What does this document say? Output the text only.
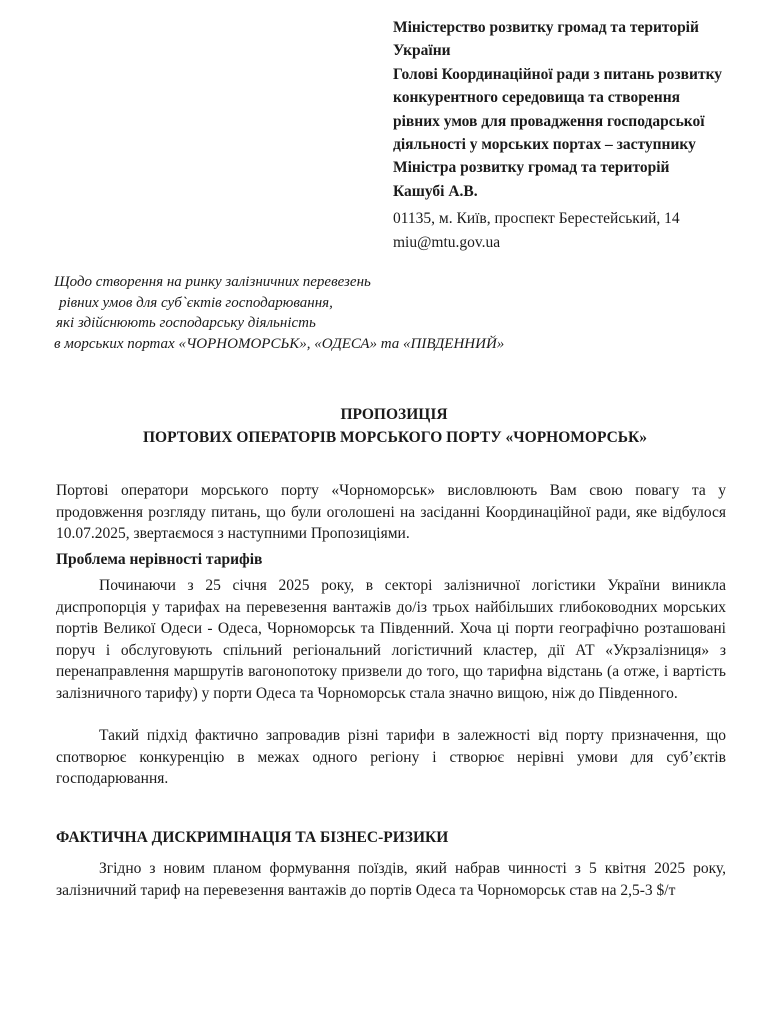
Міністерство розвитку громад та територій
України
Голові Координаційної ради з питань розвитку
конкурентного середовища та створення
рівних умов для провадження господарської
діяльності у морських портах – заступнику
Міністра розвитку громад та територій
Кашубі А.В.
01135, м. Київ, проспект Берестейський, 14
miu@mtu.gov.ua
Щодо створення на ринку залізничних перевезень
рівних умов для суб`єктів господарювання,
які здійснюють господарську діяльність
в морських портах «ЧОРНОМОРСЬК», «ОДЕСА» та «ПІВДЕННИЙ»
ПРОПОЗИЦІЯ
ПОРТОВИХ ОПЕРАТОРІВ МОРСЬКОГО ПОРТУ «ЧОРНОМОРСЬК»

Портові оператори морського порту «Чорноморськ» висловлюють Вам свою повагу та у продовження розгляду питань, що були оголошені на засіданні Координаційної ради, яке відбулося 10.07.2025, звертаємося з наступними Пропозиціями.

Проблема нерівності тарифів

Починаючи з 25 січня 2025 року, в секторі залізничної логістики України виникла диспропорція у тарифах на перевезення вантажів до/із трьох найбільших глибоководних морських портів Великої Одеси - Одеса, Чорноморськ та Південний. Хоча ці порти географічно розташовані поруч і обслуговують спільний регіональний логістичний кластер, дії АТ «Укрзалізниця» з перенаправлення маршрутів вагонопотоку призвели до того, що тарифна відстань (а отже, і вартість залізничного тарифу) у порти Одеса та Чорноморськ стала значно вищою, ніж до Південного.

Такий підхід фактично запровадив різні тарифи в залежності від порту призначення, що спотворює конкуренцію в межах одного регіону і створює нерівні умови для суб’єктів господарювання.

ФАКТИЧНА ДИСКРИМІНАЦІЯ ТА БІЗНЕС-РИЗИКИ

Згідно з новим планом формування поїздів, який набрав чинності з 5 квітня 2025 року, залізничний тариф на перевезення вантажів до портів Одеса та Чорноморськ став на 2,5-3 $/т
